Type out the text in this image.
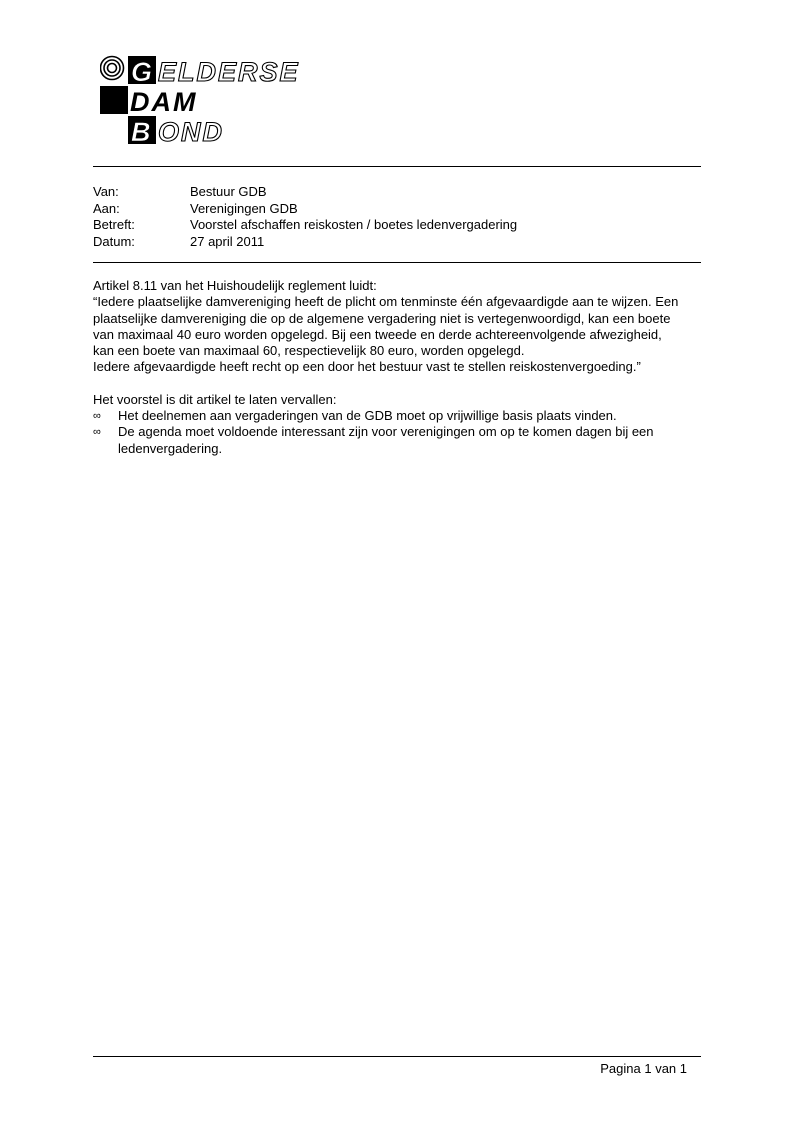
G
B
ELDERSE
DAM
OND
Van:	Bestuur GDB
Aan:	Verenigingen GDB
Betreft:	Voorstel afschaffen reiskosten / boetes ledenvergadering
Datum:	27 april 2011

Artikel 8.11 van het Huishoudelijk reglement luidt:

“Iedere plaatselijke damvereniging heeft de plicht om tenminste één afgevaardigde aan te wijzen. Een

plaatselijke damvereniging die op de algemene vergadering niet is vertegenwoordigd, kan een boete

van maximaal 40 euro worden opgelegd. Bij een tweede en derde achtereenvolgende afwezigheid,

kan een boete van maximaal 60, respectievelijk 80 euro, worden opgelegd.

Iedere afgevaardigde heeft recht op een door het bestuur vast te stellen reiskostenvergoeding.”

Het voorstel is dit artikel te laten vervallen:

∞	Het deelnemen aan vergaderingen van de GDB moet op vrijwillige basis plaats vinden.
∞	De agenda moet voldoende interessant zijn voor verenigingen om op te komen dagen bij een
ledenvergadering.
Pagina 1 van 1
